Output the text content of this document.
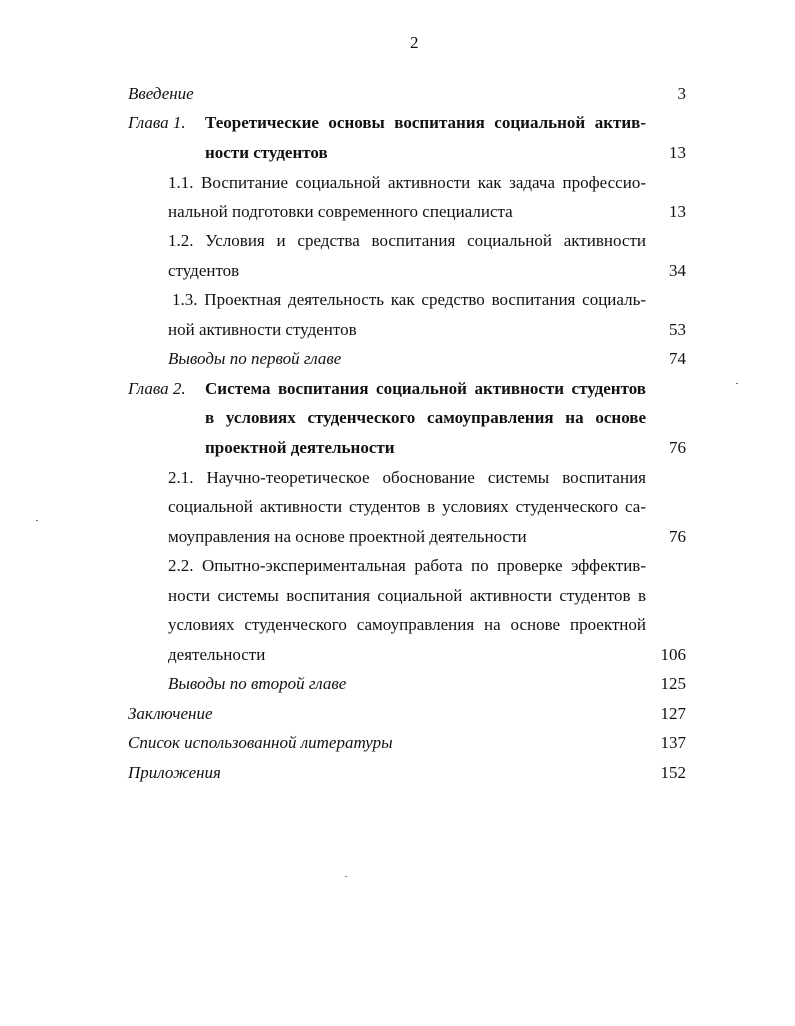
2
Введение	3
Глава 1. Теоретические основы воспитания социальной актив-
ности студентов	13
1.1. Воспитание социальной активности как задача профессио-
нальной подготовки современного специалиста	13
1.2. Условия и средства воспитания социальной активности
студентов	34
1.3. Проектная деятельность как средство воспитания социаль-
ной активности студентов	53
Выводы по первой главе	74
Глава 2. Система воспитания социальной активности студентов
в условиях студенческого самоуправления на основе
проектной деятельности	76
2.1. Научно-теоретическое обоснование системы воспитания
социальной активности студентов в условиях студенческого са-
моуправления на основе проектной деятельности	76
2.2. Опытно-экспериментальная работа по проверке эффектив-
ности системы воспитания социальной активности студентов в
условиях студенческого самоуправления на основе проектной
деятельности	106
Выводы по второй главе	125
Заключение	127
Список использованной литературы	137
Приложения	152
